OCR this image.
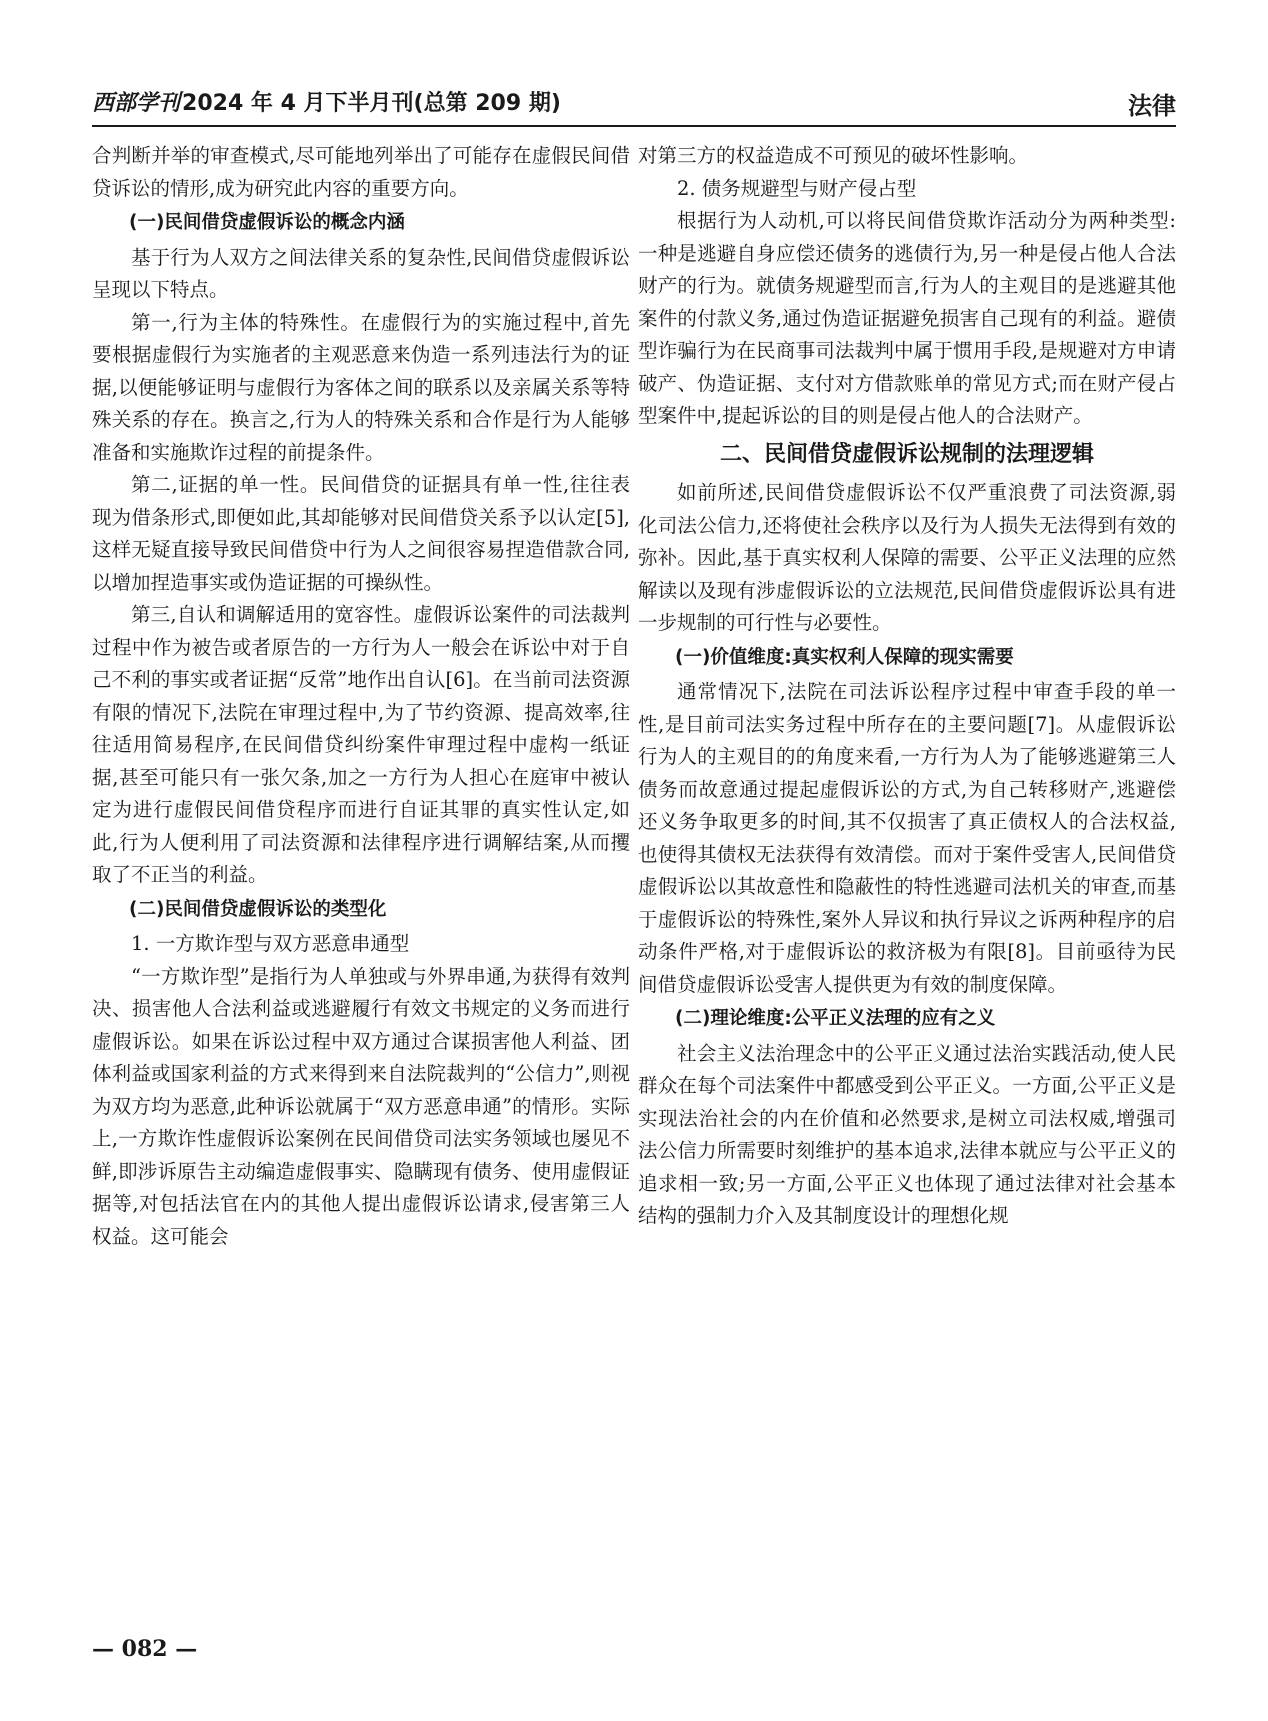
西部学刊2024 年 4 月下半月刊(总第 209 期)	法律

合判断并举的审查模式,尽可能地列举出了可能存在虚假民间借贷诉讼的情形,成为研究此内容的重要方向。

(一)民间借贷虚假诉讼的概念内涵

基于行为人双方之间法律关系的复杂性,民间借贷虚假诉讼呈现以下特点。

第一,行为主体的特殊性。在虚假行为的实施过程中,首先要根据虚假行为实施者的主观恶意来伪造一系列违法行为的证据,以便能够证明与虚假行为客体之间的联系以及亲属关系等特殊关系的存在。换言之,行为人的特殊关系和合作是行为人能够准备和实施欺诈过程的前提条件。

第二,证据的单一性。民间借贷的证据具有单一性,往往表现为借条形式,即便如此,其却能够对民间借贷关系予以认定[5],这样无疑直接导致民间借贷中行为人之间很容易捏造借款合同,以增加捏造事实或伪造证据的可操纵性。

第三,自认和调解适用的宽容性。虚假诉讼案件的司法裁判过程中作为被告或者原告的一方行为人一般会在诉讼中对于自己不利的事实或者证据“反常”地作出自认[6]。在当前司法资源有限的情况下,法院在审理过程中,为了节约资源、提高效率,往往适用简易程序,在民间借贷纠纷案件审理过程中虚构一纸证据,甚至可能只有一张欠条,加之一方行为人担心在庭审中被认定为进行虚假民间借贷程序而进行自证其罪的真实性认定,如此,行为人便利用了司法资源和法律程序进行调解结案,从而攫取了不正当的利益。

(二)民间借贷虚假诉讼的类型化

1. 一方欺诈型与双方恶意串通型

“一方欺诈型”是指行为人单独或与外界串通,为获得有效判决、损害他人合法利益或逃避履行有效文书规定的义务而进行虚假诉讼。如果在诉讼过程中双方通过合谋损害他人利益、团体利益或国家利益的方式来得到来自法院裁判的“公信力”,则视为双方均为恶意,此种诉讼就属于“双方恶意串通”的情形。实际上,一方欺诈性虚假诉讼案例在民间借贷司法实务领域也屡见不鲜,即涉诉原告主动编造虚假事实、隐瞒现有债务、使用虚假证据等,对包括法官在内的其他人提出虚假诉讼请求,侵害第三人权益。这可能会

对第三方的权益造成不可预见的破坏性影响。

2. 债务规避型与财产侵占型

根据行为人动机,可以将民间借贷欺诈活动分为两种类型:一种是逃避自身应偿还债务的逃债行为,另一种是侵占他人合法财产的行为。就债务规避型而言,行为人的主观目的是逃避其他案件的付款义务,通过伪造证据避免损害自己现有的利益。避债型诈骗行为在民商事司法裁判中属于惯用手段,是规避对方申请破产、伪造证据、支付对方借款账单的常见方式;而在财产侵占型案件中,提起诉讼的目的则是侵占他人的合法财产。

二、民间借贷虚假诉讼规制的法理逻辑

如前所述,民间借贷虚假诉讼不仅严重浪费了司法资源,弱化司法公信力,还将使社会秩序以及行为人损失无法得到有效的弥补。因此,基于真实权利人保障的需要、公平正义法理的应然解读以及现有涉虚假诉讼的立法规范,民间借贷虚假诉讼具有进一步规制的可行性与必要性。

(一)价值维度:真实权利人保障的现实需要

通常情况下,法院在司法诉讼程序过程中审查手段的单一性,是目前司法实务过程中所存在的主要问题[7]。从虚假诉讼行为人的主观目的的角度来看,一方行为人为了能够逃避第三人债务而故意通过提起虚假诉讼的方式,为自己转移财产,逃避偿还义务争取更多的时间,其不仅损害了真正债权人的合法权益,也使得其债权无法获得有效清偿。而对于案件受害人,民间借贷虚假诉讼以其故意性和隐蔽性的特性逃避司法机关的审查,而基于虚假诉讼的特殊性,案外人异议和执行异议之诉两种程序的启动条件严格,对于虚假诉讼的救济极为有限[8]。目前亟待为民间借贷虚假诉讼受害人提供更为有效的制度保障。

(二)理论维度:公平正义法理的应有之义

社会主义法治理念中的公平正义通过法治实践活动,使人民群众在每个司法案件中都感受到公平正义。一方面,公平正义是实现法治社会的内在价值和必然要求,是树立司法权威,增强司法公信力所需要时刻维护的基本追求,法律本就应与公平正义的追求相一致;另一方面,公平正义也体现了通过法律对社会基本结构的强制力介入及其制度设计的理想化规

— 082 —
